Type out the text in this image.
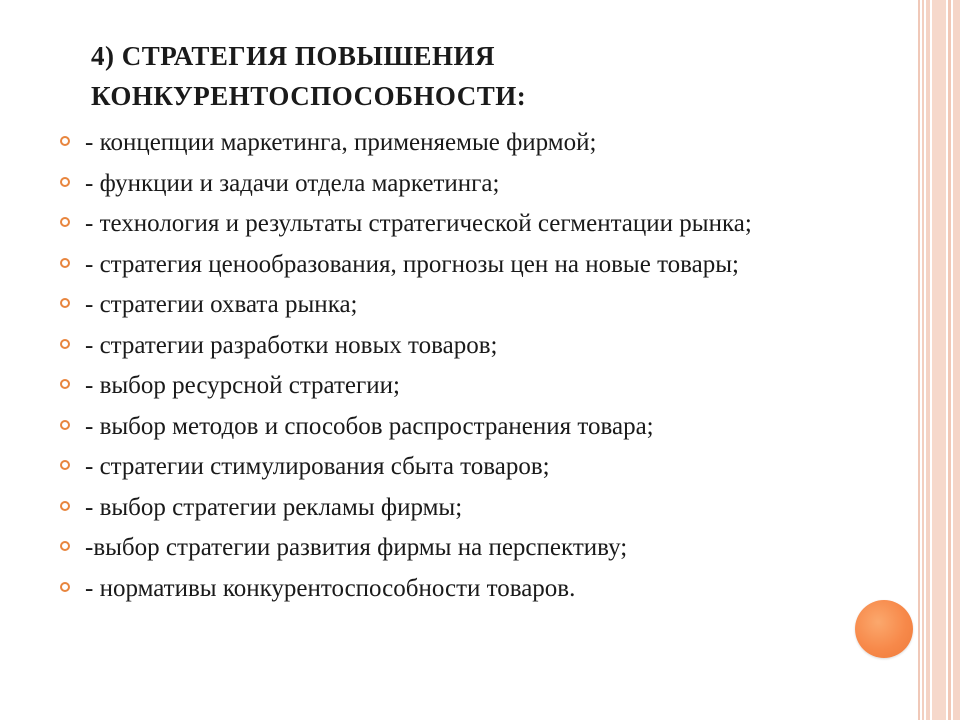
4) СТРАТЕГИЯ ПОВЫШЕНИЯ
КОНКУРЕНТОСПОСОБНОСТИ:
- концепции маркетинга, применяемые фирмой;
- функции и задачи отдела маркетинга;
- технология и результаты стратегической сегментации рынка;
- стратегия ценообразования, прогнозы цен на новые товары;
- стратегии охвата рынка;
- стратегии разработки новых товаров;
- выбор ресурсной стратегии;
- выбор методов и способов распространения товара;
- стратегии стимулирования сбыта товаров;
- выбор стратегии рекламы фирмы;
-выбор стратегии развития фирмы на перспективу;
- нормативы конкурентоспособности товаров.
